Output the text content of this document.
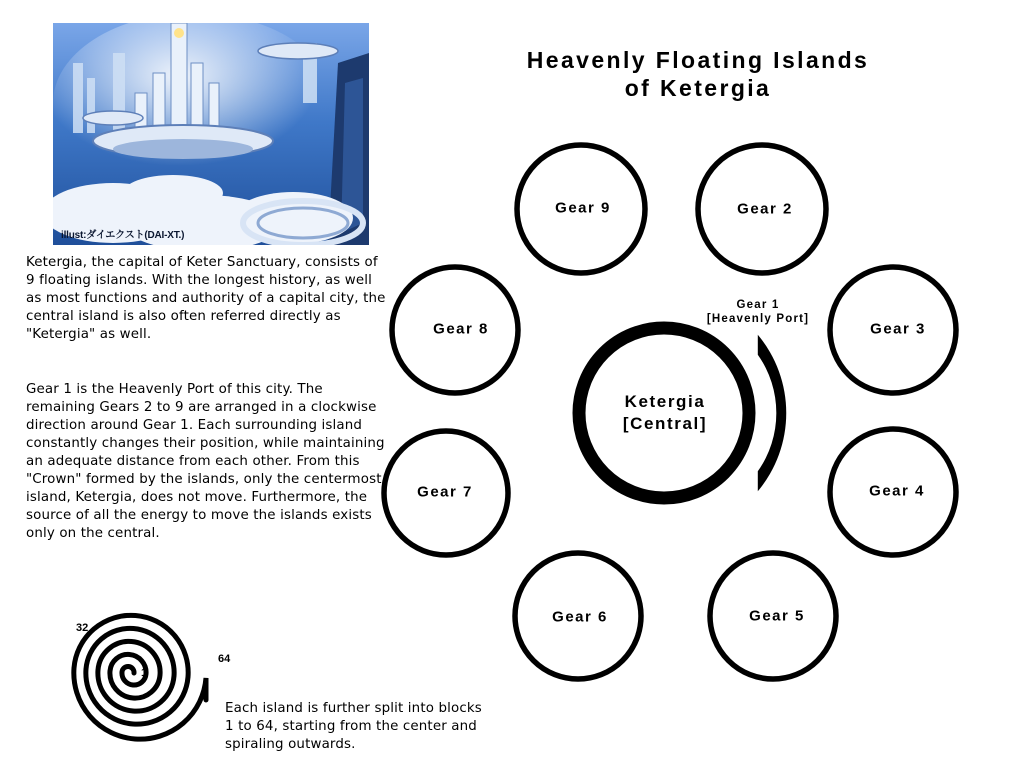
illust:ダイエクスト(DAI-XT.)

Ketergia, the capital of Keter Sanctuary, consists of 9 floating islands. With the longest history, as well as most functions and authority of a capital city, the central island is also often referred directly as "Ketergia" as well.

Gear 1 is the Heavenly Port of this city. The remaining Gears 2 to 9 are arranged in a clockwise direction around Gear 1. Each surrounding island constantly changes their position, while maintaining an adequate distance from each other. From this "Crown" formed by the islands, only the centermost island, Ketergia, does not move. Furthermore, the source of all the energy to move the islands exists only on the central.

Heavenly Floating Islands
of Ketergia
Gear 9	Gear 2
Gear 8	Gear 3
Gear 7	Gear 4
Gear 6	Gear 5
Gear 1
[Heavenly Port]
Ketergia
[Central]
1
32
64

Each island is further split into blocks
1 to 64, starting from the center and
spiraling outwards.
